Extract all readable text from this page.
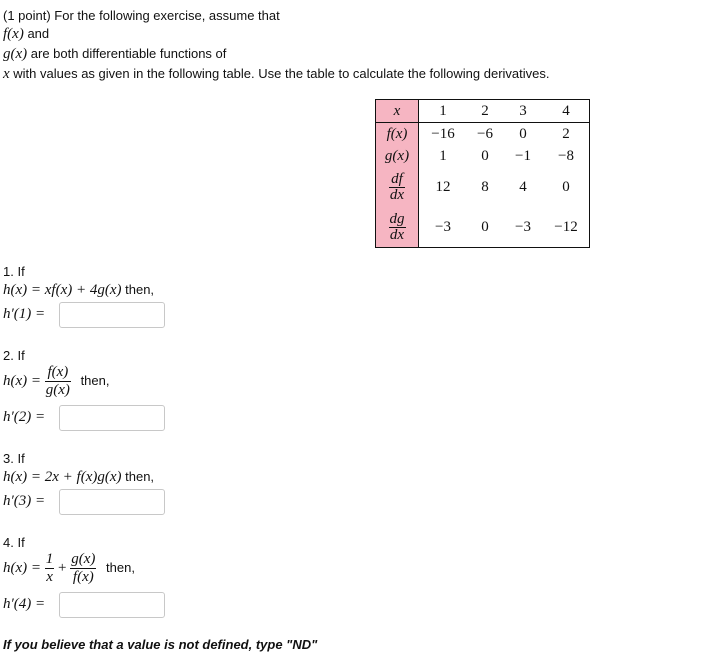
(1 point) For the following exercise, assume that
f(x) and
g(x) are both differentiable functions of
x with values as given in the following table. Use the table to calculate the following derivatives.
x	1	2	3	4
f(x)	−16	−6	0	2
g(x)	1	0	−1	−8

$\frac{df}{dx}$	12	8	4	0

$\frac{dg}{dx}$	−3	0	−3	−12
1. If
h(x) = xf(x) + 4g(x) then,
h′(1) =
2. If
$h(x) = \frac{f(x)}{g(x)}$ then,
h′(2) =
3. If
h(x) = 2x + f(x)g(x) then,
h′(3) =
4. If
$h(x) = \frac{1}{x} + \frac{g(x)}{f(x)}$ then,
h′(4) =
If you believe that a value is not defined, type "ND"
